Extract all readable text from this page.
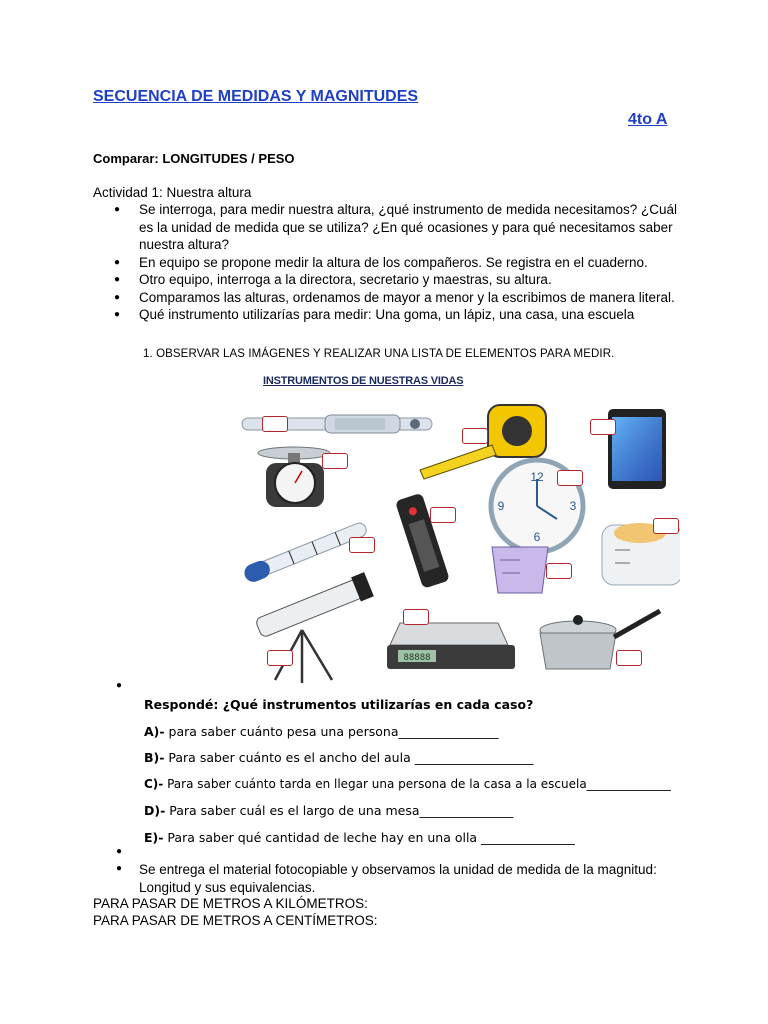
SECUENCIA DE MEDIDAS Y MAGNITUDES
4to A
Comparar: LONGITUDES / PESO
Actividad 1: Nuestra altura
● Se interroga, para medir nuestra altura, ¿qué instrumento de medida necesitamos? ¿Cuál es la unidad de medida que se utiliza? ¿En qué ocasiones y para qué necesitamos saber nuestra altura?
● En equipo se propone medir la altura de los compañeros. Se registra en el cuaderno.
● Otro equipo, interroga a la directora, secretario y maestras, su altura.
● Comparamos las alturas, ordenamos de mayor a menor y la escribimos de manera literal.
● Qué instrumento utilizarías para medir: Una goma, un lápiz, una casa, una escuela
1. OBSERVAR LAS IMÁGENES Y REALIZAR UNA LISTA DE ELEMENTOS PARA MEDIR.
INSTRUMENTOS DE NUESTRAS VIDAS
12
3
6
9
88888
●
Respondé: ¿Qué instrumentos utilizarías en cada caso?
A)- para saber cuánto pesa una persona________________
B)- Para saber cuánto es el ancho del aula ___________________
C)- Para saber cuánto tarda en llegar una persona de la casa a la escuela______________
D)- Para saber cuál es el largo de una mesa_______________
E)- Para saber qué cantidad de leche hay en una olla _______________
●
● Se entrega el material fotocopiable y observamos la unidad de medida de la magnitud: Longitud y sus equivalencias.
PARA PASAR DE METROS A KILÓMETROS:
PARA PASAR DE METROS A CENTÍMETROS:
